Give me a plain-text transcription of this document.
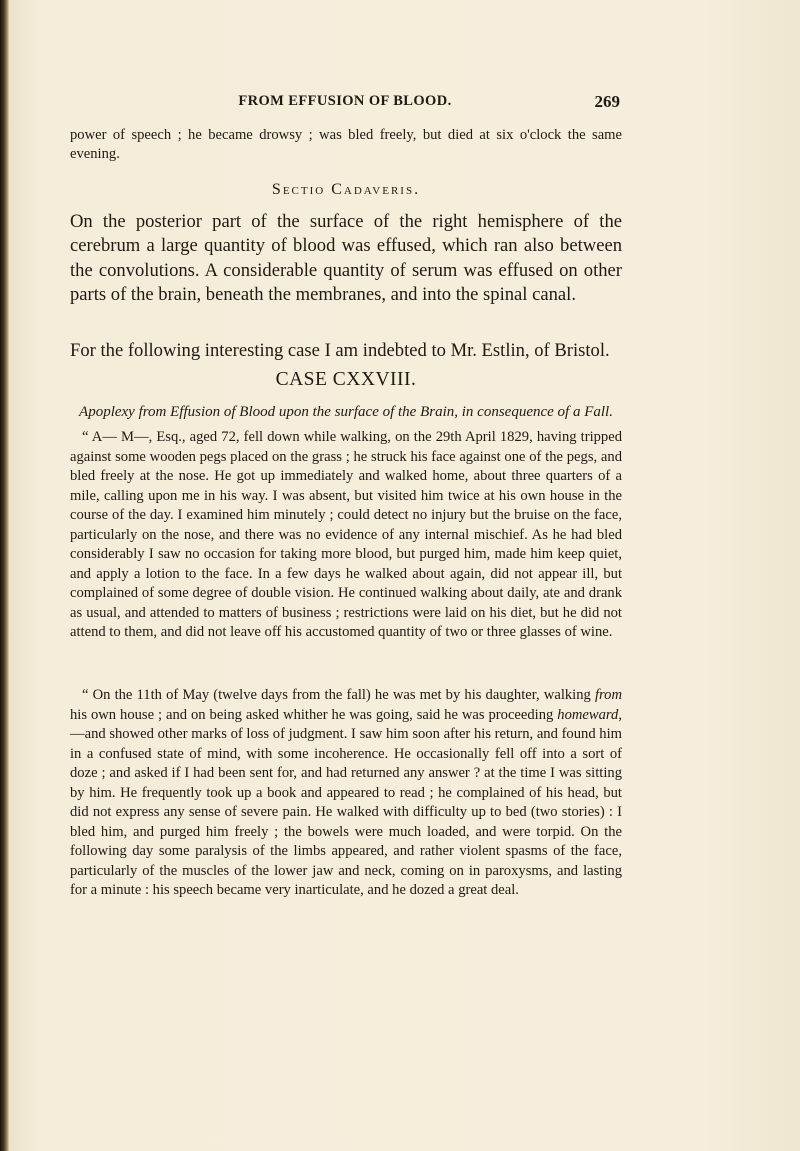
FROM EFFUSION OF BLOOD.	269

power of speech ; he became drowsy ; was bled freely, but died at six o'clock the same evening.

Sectio Cadaveris.

On the posterior part of the surface of the right hemisphere of the cerebrum a large quantity of blood was effused, which ran also between the convolutions. A considerable quantity of serum was effused on other parts of the brain, beneath the membranes, and into the spinal canal.

For the following interesting case I am indebted to Mr. Estlin, of Bristol.

CASE CXXVIII.
Apoplexy from Effusion of Blood upon the surface of the Brain, in consequence of a Fall.

“ A— M—, Esq., aged 72, fell down while walking, on the 29th April 1829, having tripped against some wooden pegs placed on the grass ; he struck his face against one of the pegs, and bled freely at the nose. He got up immediately and walked home, about three quarters of a mile, calling upon me in his way. I was absent, but visited him twice at his own house in the course of the day. I examined him minutely ; could detect no injury but the bruise on the face, particularly on the nose, and there was no evidence of any internal mischief. As he had bled considerably I saw no occasion for taking more blood, but purged him, made him keep quiet, and apply a lotion to the face. In a few days he walked about again, did not appear ill, but complained of some degree of double vision. He continued walking about daily, ate and drank as usual, and attended to matters of business ; restrictions were laid on his diet, but he did not attend to them, and did not leave off his accustomed quantity of two or three glasses of wine.

“ On the 11th of May (twelve days from the fall) he was met by his daughter, walking from his own house ; and on being asked whither he was going, said he was proceeding homeward,—and showed other marks of loss of judgment. I saw him soon after his return, and found him in a confused state of mind, with some incoherence. He occasionally fell off into a sort of doze ; and asked if I had been sent for, and had returned any answer ? at the time I was sitting by him. He frequently took up a book and appeared to read ; he complained of his head, but did not express any sense of severe pain. He walked with difficulty up to bed (two stories) : I bled him, and purged him freely ; the bowels were much loaded, and were torpid. On the following day some paralysis of the limbs appeared, and rather violent spasms of the face, particularly of the muscles of the lower jaw and neck, coming on in paroxysms, and lasting for a minute : his speech became very inarticulate, and he dozed a great deal.
